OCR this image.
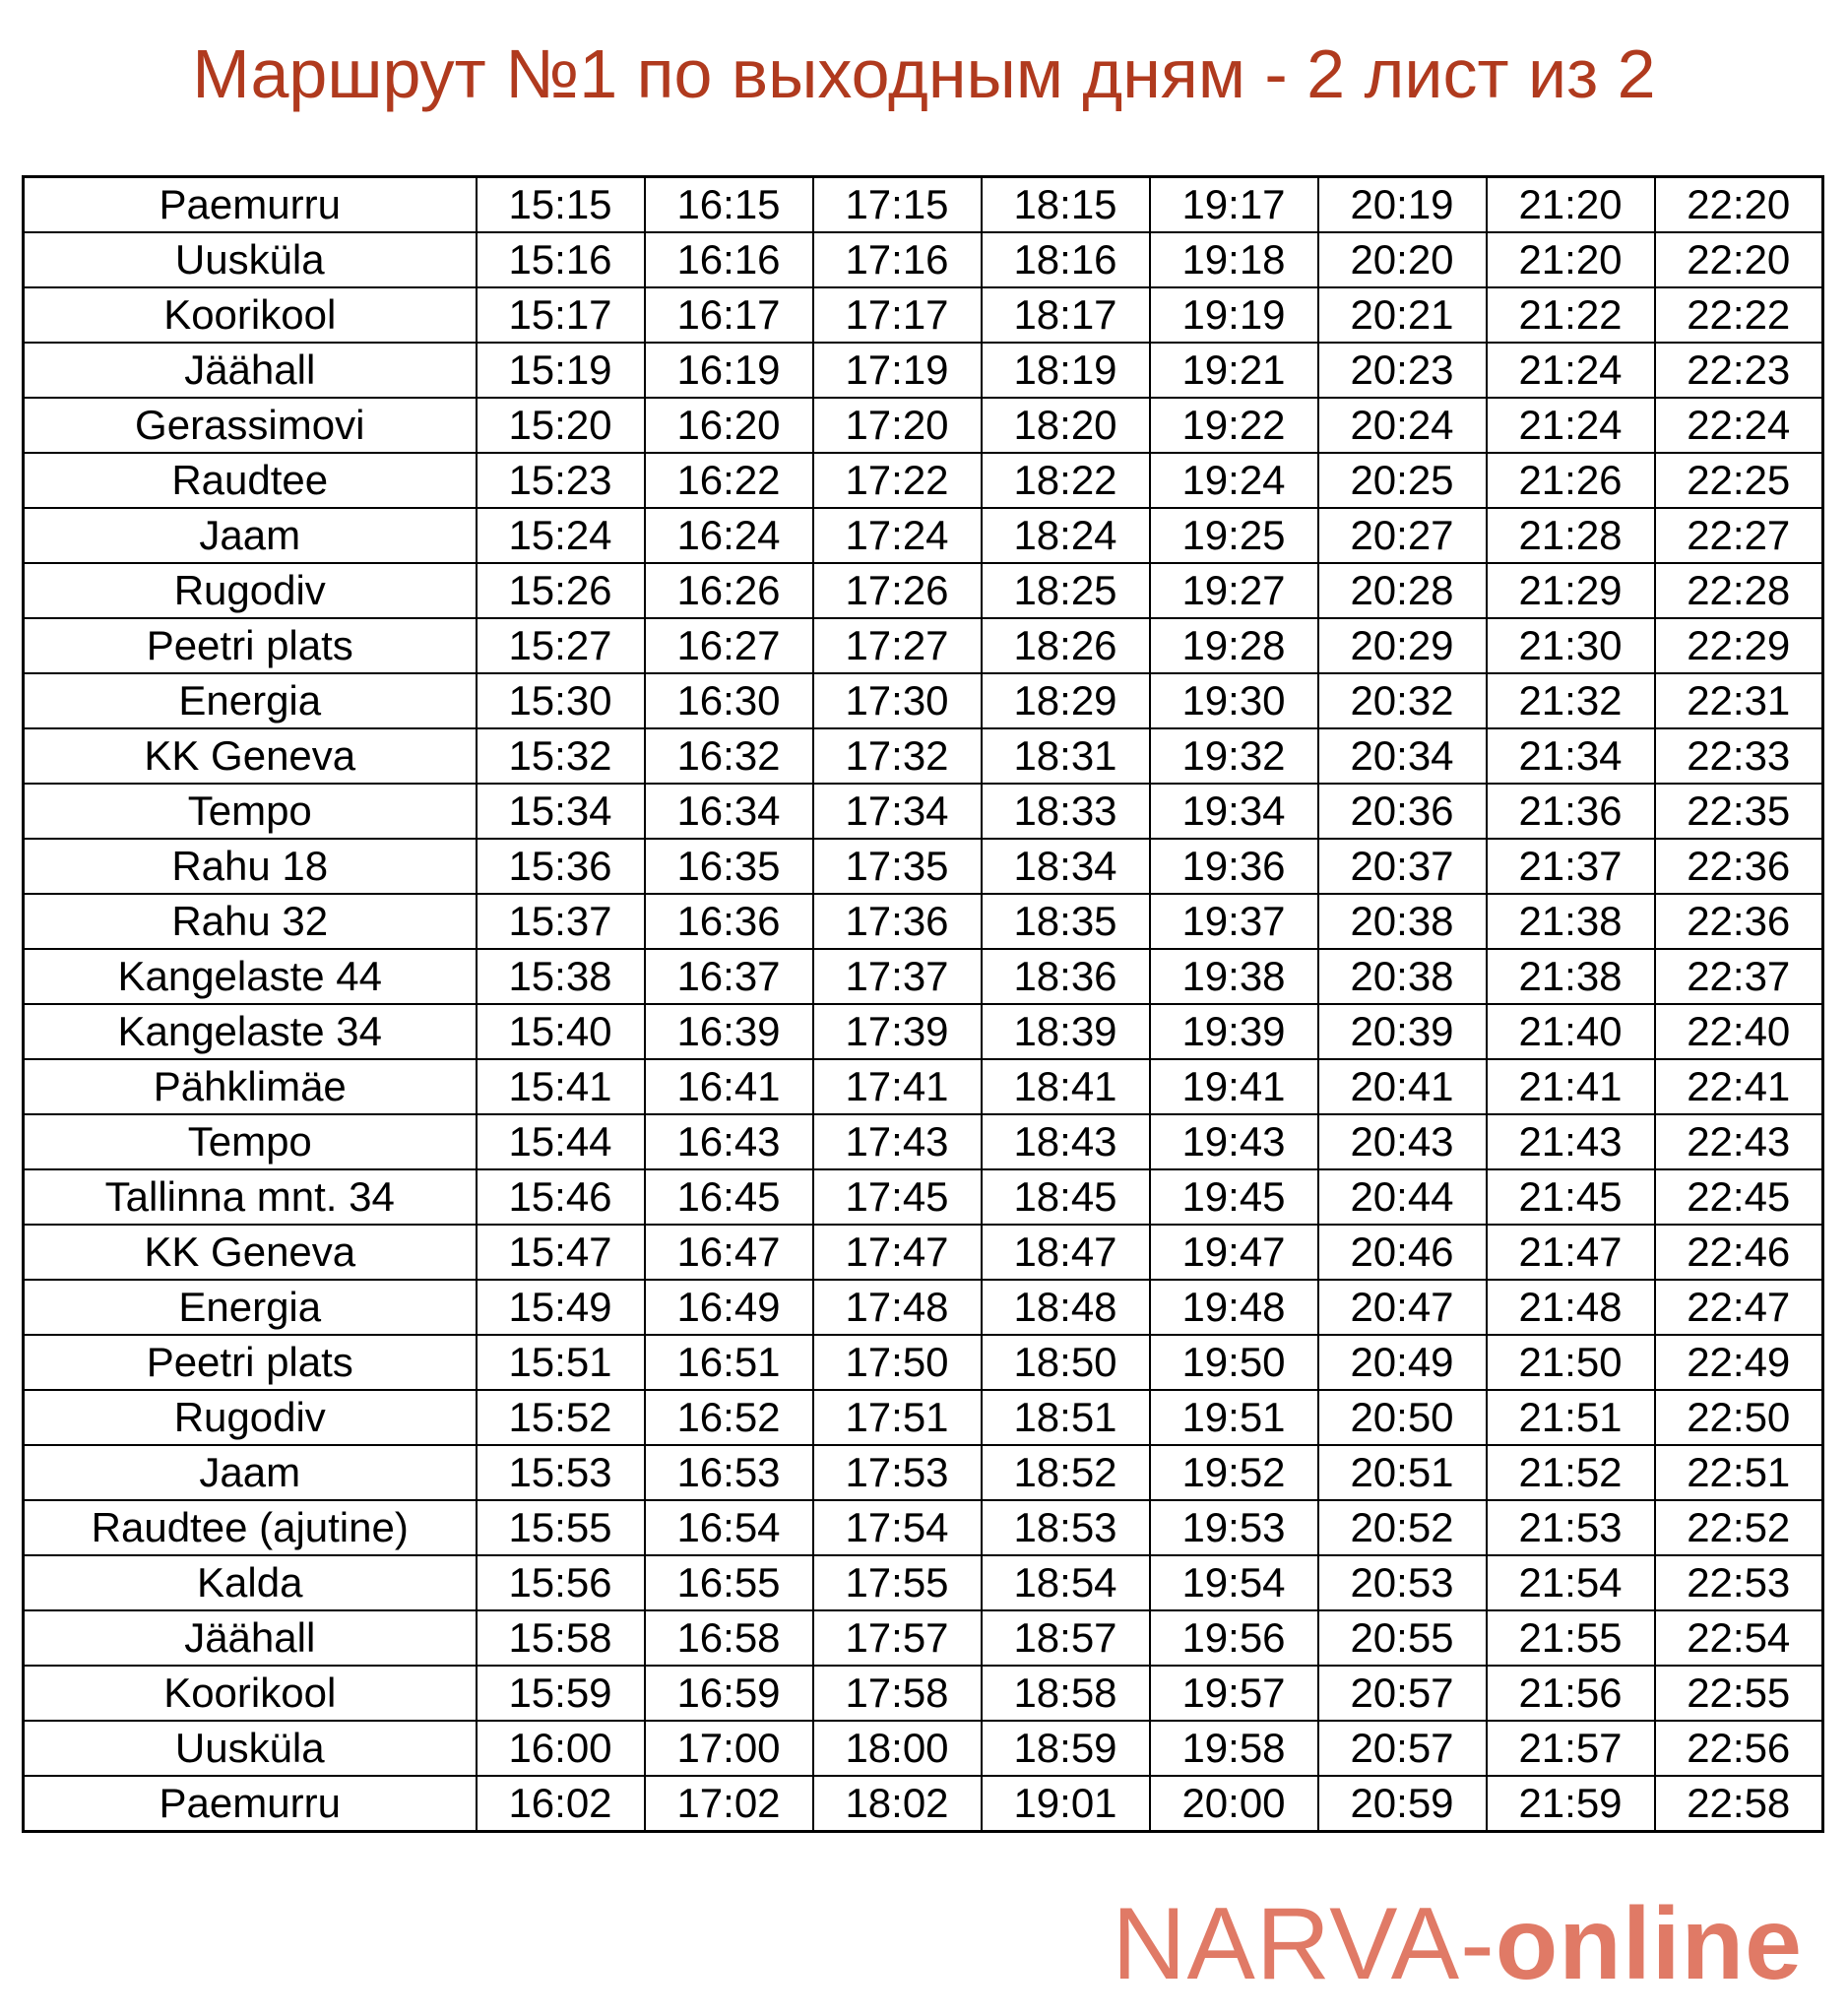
Маршрут №1 по выходным дням - 2 лист из 2
Paemurru	15:15	16:15	17:15	18:15	19:17	20:19	21:20	22:20
Uusküla	15:16	16:16	17:16	18:16	19:18	20:20	21:20	22:20
Koorikool	15:17	16:17	17:17	18:17	19:19	20:21	21:22	22:22
Jäähall	15:19	16:19	17:19	18:19	19:21	20:23	21:24	22:23
Gerassimovi	15:20	16:20	17:20	18:20	19:22	20:24	21:24	22:24
Raudtee	15:23	16:22	17:22	18:22	19:24	20:25	21:26	22:25
Jaam	15:24	16:24	17:24	18:24	19:25	20:27	21:28	22:27
Rugodiv	15:26	16:26	17:26	18:25	19:27	20:28	21:29	22:28
Peetri plats	15:27	16:27	17:27	18:26	19:28	20:29	21:30	22:29
Energia	15:30	16:30	17:30	18:29	19:30	20:32	21:32	22:31
KK Geneva	15:32	16:32	17:32	18:31	19:32	20:34	21:34	22:33
Tempo	15:34	16:34	17:34	18:33	19:34	20:36	21:36	22:35
Rahu 18	15:36	16:35	17:35	18:34	19:36	20:37	21:37	22:36
Rahu 32	15:37	16:36	17:36	18:35	19:37	20:38	21:38	22:36
Kangelaste 44	15:38	16:37	17:37	18:36	19:38	20:38	21:38	22:37
Kangelaste 34	15:40	16:39	17:39	18:39	19:39	20:39	21:40	22:40
Pähklimäe	15:41	16:41	17:41	18:41	19:41	20:41	21:41	22:41
Tempo	15:44	16:43	17:43	18:43	19:43	20:43	21:43	22:43
Tallinna mnt. 34	15:46	16:45	17:45	18:45	19:45	20:44	21:45	22:45
KK Geneva	15:47	16:47	17:47	18:47	19:47	20:46	21:47	22:46
Energia	15:49	16:49	17:48	18:48	19:48	20:47	21:48	22:47
Peetri plats	15:51	16:51	17:50	18:50	19:50	20:49	21:50	22:49
Rugodiv	15:52	16:52	17:51	18:51	19:51	20:50	21:51	22:50
Jaam	15:53	16:53	17:53	18:52	19:52	20:51	21:52	22:51
Raudtee (ajutine)	15:55	16:54	17:54	18:53	19:53	20:52	21:53	22:52
Kalda	15:56	16:55	17:55	18:54	19:54	20:53	21:54	22:53
Jäähall	15:58	16:58	17:57	18:57	19:56	20:55	21:55	22:54
Koorikool	15:59	16:59	17:58	18:58	19:57	20:57	21:56	22:55
Uusküla	16:00	17:00	18:00	18:59	19:58	20:57	21:57	22:56
Paemurru	16:02	17:02	18:02	19:01	20:00	20:59	21:59	22:58
NARVA- online
